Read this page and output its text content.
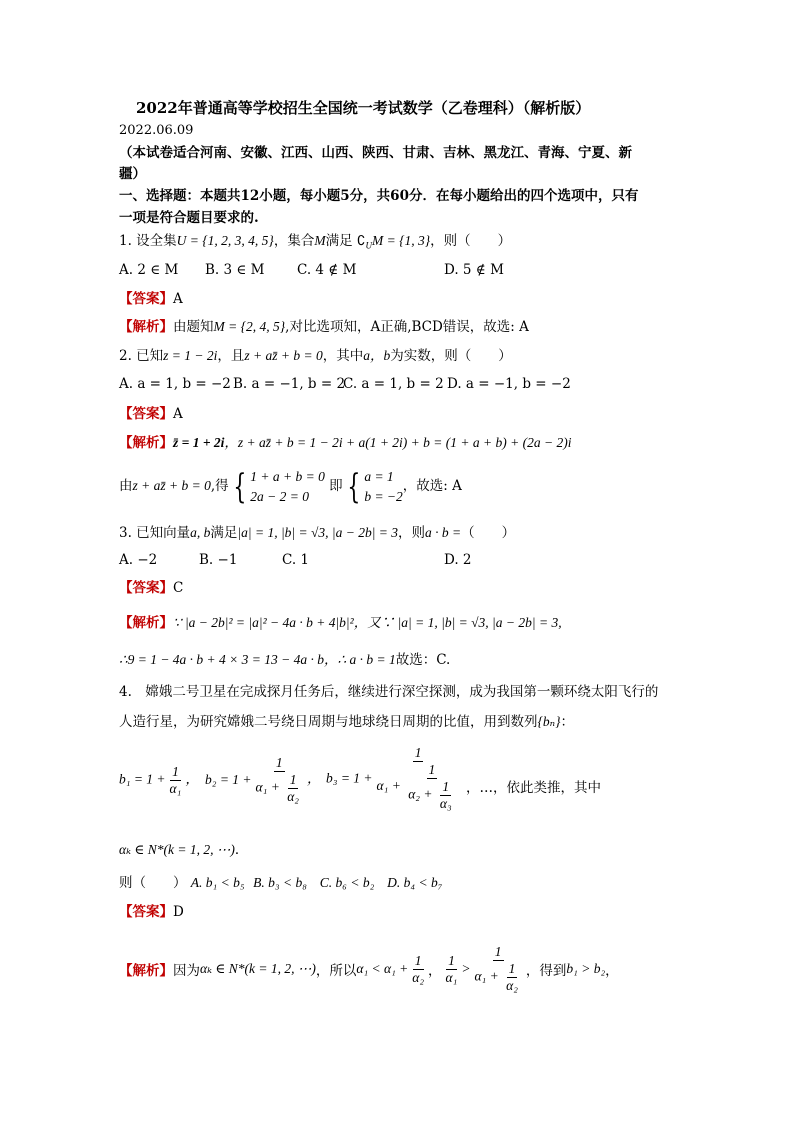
2022年普通高等学校招生全国统一考试数学（乙卷理科）（解析版）
2022.06.09
（本试卷适合河南、安徽、江西、山西、陕西、甘肃、吉林、黑龙江、青海、宁夏、新
疆）
一、选择题：本题共12小题，每小题5分，共60分．在每小题给出的四个选项中，只有
一项是符合题目要求的.
1. 设全集U = {1, 2, 3, 4, 5}，集合M满足 $∁_UM = \{1$, 3}，则（　　）
A. 2 ∈ M B. 3 ∈ M C. 4 ∉ M	D. 5 ∉ M
【答案】A
【解析】由题知M = {2, 4, 5},对比选项知，A正确,BCD错误，故选: A
2. 已知z = 1 − 2i，且z + az̄ + b = 0，其中a，b为实数，则（　　）
A. a = 1, b = −2 B. a = −1, b = 2
C. a = 1, b = 2 D. a = −1, b = −2
【答案】A
【解析】z̄ = 1 + 2i，z + az̄ + b = 1 − 2i + a(1 + 2i) + b = (1 + a + b) + (2a − 2)i
由z + az̄ + b = 0,得 { 1 + a + b = 0
2a − 2 = 0
即 { a = 1
b = −2
，故选: A
3. 已知向量a, b满足|a| = 1, |b| = √3, |a − 2b| = 3，则a · b =（　　）
A. −2	B. −1	C. 1	D. 2
【答案】C
【解析】∵ |a − 2b|² = |a|² − 4a · b + 4|b|²，又∵ |a| = 1, |b| = √3, |a − 2b| = 3,
∴9 = 1 − 4a · b + 4 × 3 = 13 − 4a · b，∴ a · b = 1故选：C.
4.　嫦娥二号卫星在完成探月任务后，继续进行深空探测，成为我国第一颗环绕太阳飞行的
人造行星，为研究嫦娥二号绕日周期与地球绕日周期的比值，用到数列{bₙ}：
$b_1 = 1 + \frac{1}{\text{α₁}}$ ， $b_2 = 1 + \frac{1}{\alpha_1 + \frac{1}{\text{α₂}}}$ ， $b_3 = 1 + \frac{1}{\alpha_1 + \frac{1}{\alpha_2 + \frac{1}{\text{α₃}}}}$ ，…，依此类推，其中
αₖ ∈ N*(k = 1, 2, ⋯)．
则（　　） A. b₁ < b₅ B. b₃ < b₈ C. b₆ < b₂ D. b₄ < b₇
【答案】D
【解析】因为αₖ ∈ N*(k = 1, 2, ⋯)，所以$\alpha_1 < \alpha_1 + \frac{1}{\text{α₂}}$ ， $\frac{1}{\text{α₁}} > \frac{1}{\alpha_1 + \frac{1}{\text{α₂}}}$ ，得到b₁ > b₂，
